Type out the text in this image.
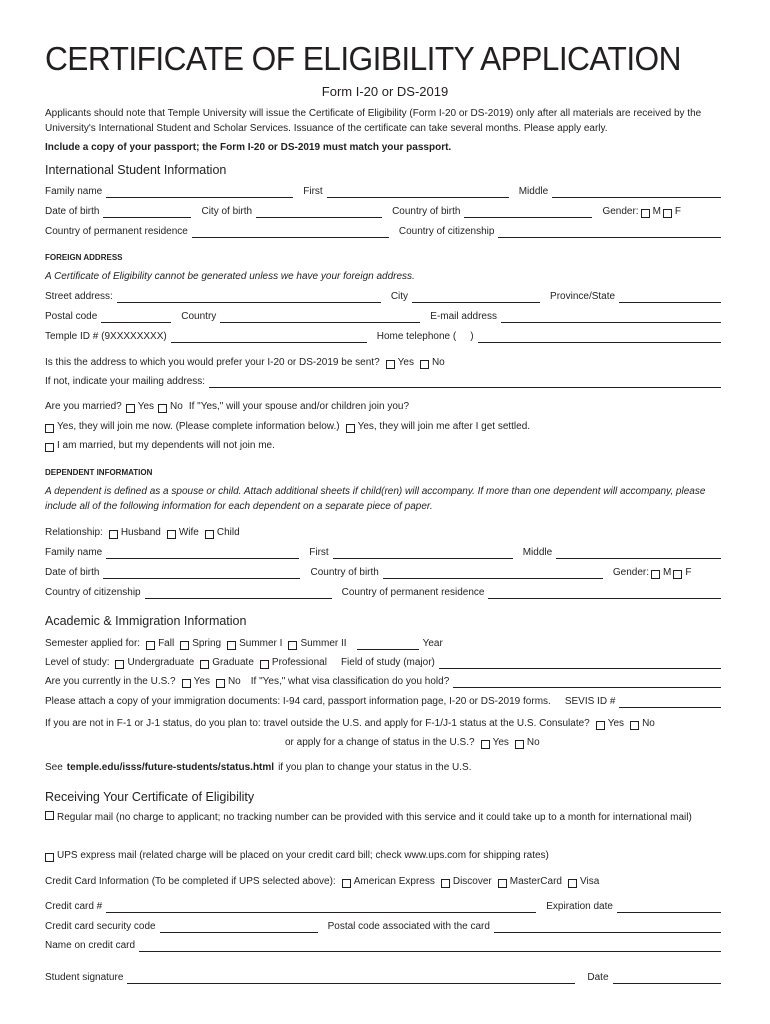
CERTIFICATE OF ELIGIBILITY APPLICATION
Form I-20 or DS-2019
Applicants should note that Temple University will issue the Certificate of Eligibility (Form I-20 or DS-2019) only after all materials are received by the University's International Student and Scholar Services. Issuance of the certificate can take several months. Please apply early.
Include a copy of your passport; the Form I-20 or DS-2019 must match your passport.
International Student Information
Family name	First	Middle
Date of birth	City of birth	Country of birth	Gender: M F
Country of permanent residence	Country of citizenship
FOREIGN ADDRESS
A Certificate of Eligibility cannot be generated unless we have your foreign address.
Street address:	City	Province/State
Postal code	Country	E-mail address
Temple ID # (9XXXXXXXX)	Home telephone ( )
Is this the address to which you would prefer your I-20 or DS-2019 be sent? Yes No
If not, indicate your mailing address:
Are you married? Yes No If "Yes," will your spouse and/or children join you?
Yes, they will join me now. (Please complete information below.) Yes, they will join me after I get settled.
I am married, but my dependents will not join me.
DEPENDENT INFORMATION
A dependent is defined as a spouse or child. Attach additional sheets if child(ren) will accompany. If more than one dependent will accompany, please include all of the following information for each dependent on a separate piece of paper.
Relationship: Husband Wife Child
Family name	First	Middle
Date of birth	Country of birth	Gender: M F
Country of citizenship	Country of permanent residence
Academic & Immigration Information
Semester applied for: Fall Spring Summer I Summer II	Year
Level of study: Undergraduate Graduate Professional Field of study (major)
Are you currently in the U.S.? Yes No If "Yes," what visa classification do you hold?
Please attach a copy of your immigration documents: I-94 card, passport information page, I-20 or DS-2019 forms. SEVIS ID #
If you are not in F-1 or J-1 status, do you plan to: travel outside the U.S. and apply for F-1/J-1 status at the U.S. Consulate? Yes No
or apply for a change of status in the U.S.? Yes No
See temple.edu/isss/future-students/status.html if you plan to change your status in the U.S.
Receiving Your Certificate of Eligibility
Regular mail (no charge to applicant; no tracking number can be provided with this service and it could take up to a month for international mail)
UPS express mail (related charge will be placed on your credit card bill; check www.ups.com for shipping rates)
Credit Card Information (To be completed if UPS selected above): American Express Discover MasterCard Visa
Credit card #	Expiration date
Credit card security code	Postal code associated with the card
Name on credit card
Student signature	Date
